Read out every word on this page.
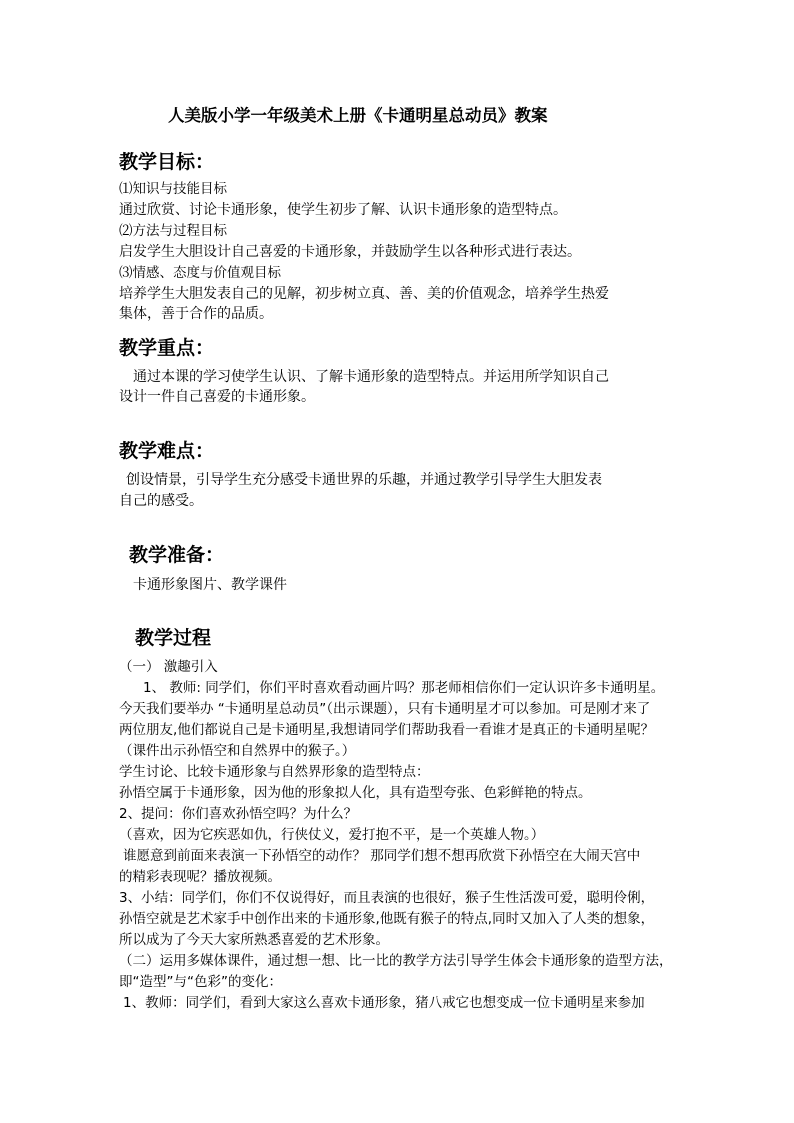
人美版小学一年级美术上册《卡通明星总动员》教案
教学目标：
⑴知识与技能目标
通过欣赏、讨论卡通形象，使学生初步了解、认识卡通形象的造型特点。
⑵方法与过程目标
启发学生大胆设计自己喜爱的卡通形象，并鼓励学生以各种形式进行表达。
⑶情感、态度与价值观目标
培养学生大胆发表自己的见解，初步树立真、善、美的价值观念，培养学生热爱
集体，善于合作的品质。
教学重点：
通过本课的学习使学生认识、了解卡通形象的造型特点。并运用所学知识自己
设计一件自己喜爱的卡通形象。
教学难点：
创设情景，引导学生充分感受卡通世界的乐趣，并通过教学引导学生大胆发表
自己的感受。
教学准备：
卡通形象图片、教学课件
教学过程
（一） 激趣引入
1、 教师: 同学们，你们平时喜欢看动画片吗？那老师相信你们一定认识许多卡通明星。
今天我们要举办 “卡通明星总动员”（出示课题），只有卡通明星才可以参加。可是刚才来了
两位朋友,他们都说自己是卡通明星,我想请同学们帮助我看一看谁才是真正的卡通明星呢？
（课件出示孙悟空和自然界中的猴子。）
学生讨论、比较卡通形象与自然界形象的造型特点：
孙悟空属于卡通形象，因为他的形象拟人化，具有造型夸张、色彩鲜艳的特点。
2、提问：你们喜欢孙悟空吗？为什么？
（喜欢，因为它疾恶如仇，行侠仗义，爱打抱不平，是一个英雄人物。）
谁愿意到前面来表演一下孙悟空的动作？ 那同学们想不想再欣赏下孙悟空在大闹天宫中
的精彩表现呢？播放视频。
3、小结：同学们，你们不仅说得好，而且表演的也很好，猴子生性活泼可爱，聪明伶俐，
孙悟空就是艺术家手中创作出来的卡通形象,他既有猴子的特点,同时又加入了人类的想象，
所以成为了今天大家所熟悉喜爱的艺术形象。
（二）运用多媒体课件，通过想一想、比一比的教学方法引导学生体会卡通形象的造型方法，
即“造型”与“色彩”的变化：
1、教师：同学们，看到大家这么喜欢卡通形象，猪八戒它也想变成一位卡通明星来参加
